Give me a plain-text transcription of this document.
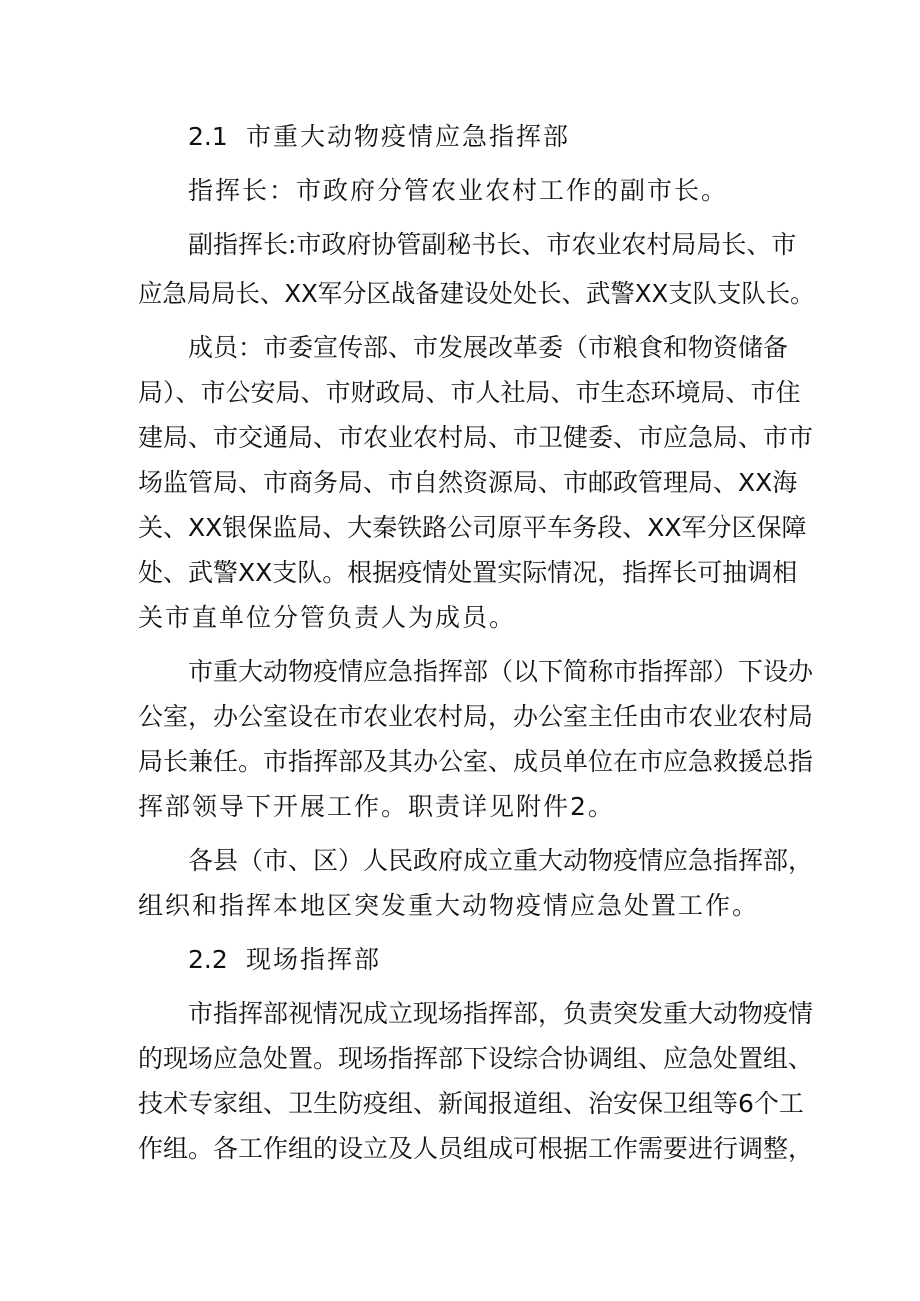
2.1 市重大动物疫情应急指挥部
指挥长：市政府分管农业农村工作的副市长。
副指挥长:市政府协管副秘书长、市农业农村局局长、市
应急局局长、XX军分区战备建设处处长、武警XX支队支队长。
成员：市委宣传部、市发展改革委（市粮食和物资储备
局）、市公安局、市财政局、市人社局、市生态环境局、市住
建局、市交通局、市农业农村局、市卫健委、市应急局、市市
场监管局、市商务局、市自然资源局、市邮政管理局、XX海
关、XX银保监局、大秦铁路公司原平车务段、XX军分区保障
处、武警XX支队。根据疫情处置实际情况，指挥长可抽调相
关市直单位分管负责人为成员。
市重大动物疫情应急指挥部（以下简称市指挥部）下设办
公室，办公室设在市农业农村局，办公室主任由市农业农村局
局长兼任。市指挥部及其办公室、成员单位在市应急救援总指
挥部领导下开展工作。职责详见附件2。
各县（市、区）人民政府成立重大动物疫情应急指挥部，
组织和指挥本地区突发重大动物疫情应急处置工作。
2.2 现场指挥部
市指挥部视情况成立现场指挥部，负责突发重大动物疫情
的现场应急处置。现场指挥部下设综合协调组、应急处置组、
技术专家组、卫生防疫组、新闻报道组、治安保卫组等6个工
作组。各工作组的设立及人员组成可根据工作需要进行调整，
